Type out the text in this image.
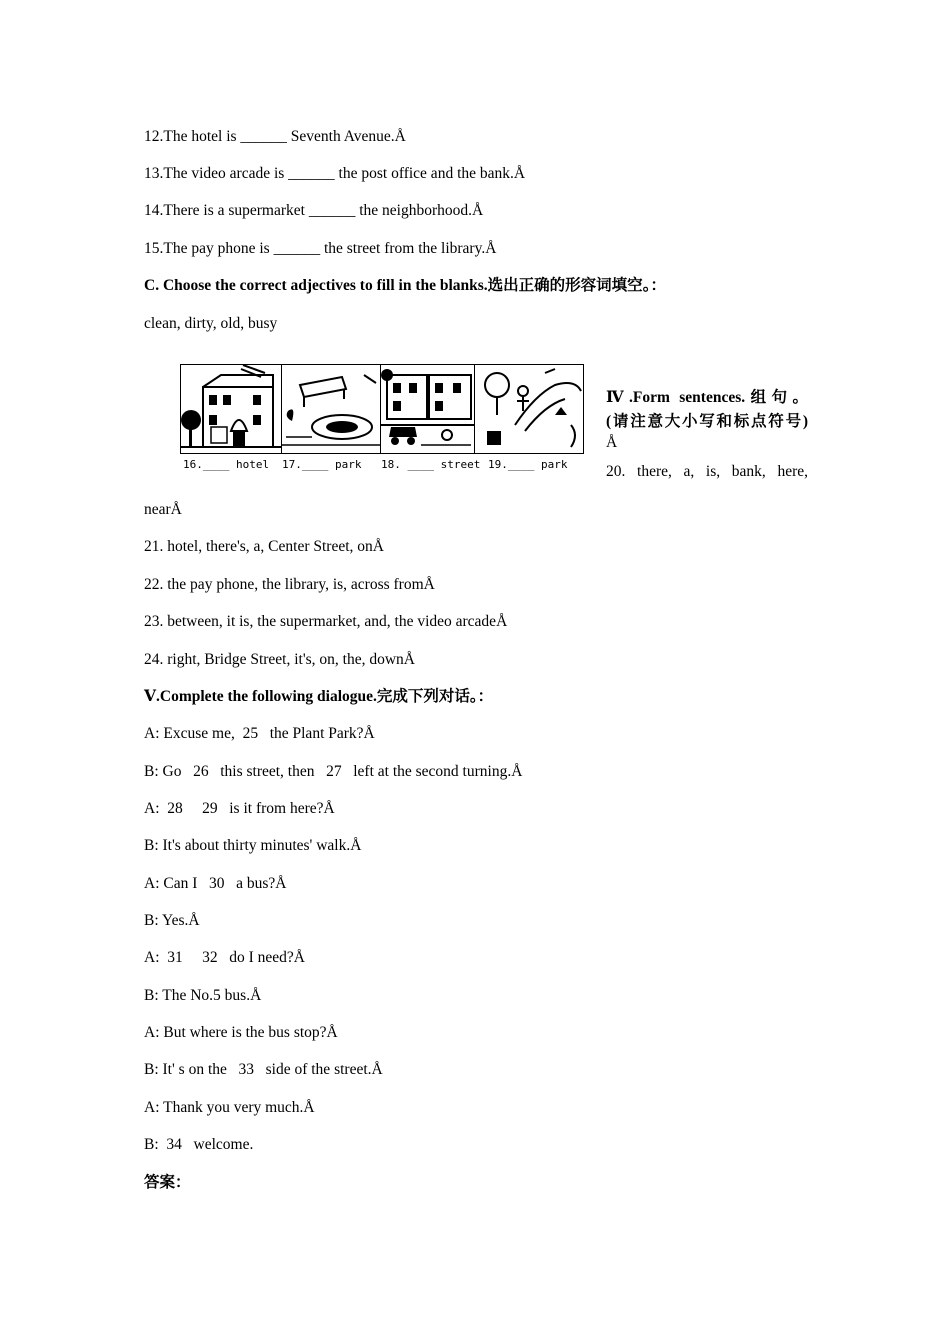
12.The hotel is ______ Seventh Avenue.Å
13.The video arcade is ______ the post office and the bank.Å
14.There is a supermarket ______ the neighborhood.Å
15.The pay phone is ______ the street from the library.Å
C. Choose the correct adjectives to fill in the blanks.选出正确的形容词填空。：
clean, dirty, old, busy
16.____ hotel 17.____ park 18. ____ street 19.____ park
Ⅳ.Form sentences.组句。
(请注意大小写和标点符号)
Å
20. there, a, is, bank, here,
nearÅ
21. hotel, there's, a, Center Street, onÅ
22. the pay phone, the library, is, across fromÅ
23. between, it is, the supermarket, and, the video arcadeÅ
24. right, Bridge Street, it's, on, the, downÅ
Ⅴ.Complete the following dialogue.完成下列对话。：
A: Excuse me,  25   the Plant Park?Å
B: Go   26   this street, then   27   left at the second turning.Å
A:  28     29   is it from here?Å
B: It's about thirty minutes' walk.Å
A: Can I   30   a bus?Å
B: Yes.Å
A:  31     32   do I need?Å
B: The No.5 bus.Å
A: But where is the bus stop?Å
B: It' s on the   33   side of the street.Å
A: Thank you very much.Å
B:  34   welcome.
答案：
